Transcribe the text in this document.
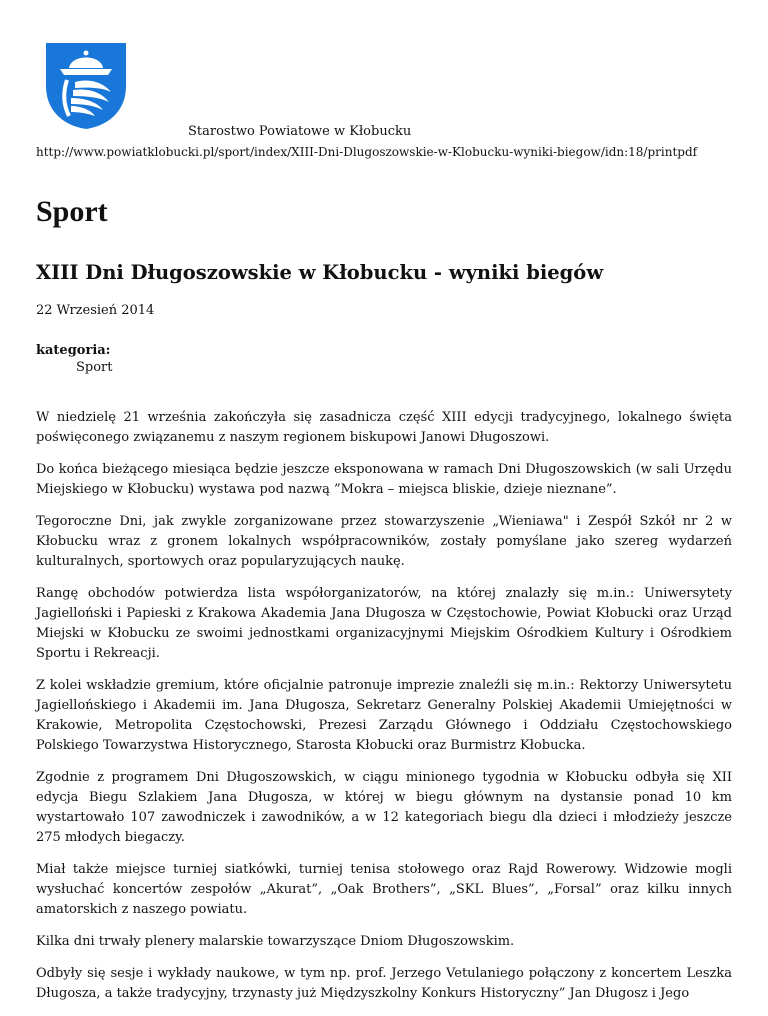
Starostwo Powiatowe w Kłobucku
http://www.powiatklobucki.pl/sport/index/XIII-Dni-Dlugoszowskie-w-Klobucku-wyniki-biegow/idn:18/printpdf
Sport
XIII Dni Długoszowskie w Kłobucku - wyniki biegów
22 Wrzesień 2014
kategoria:
Sport

W niedzielę 21 września zakończyła się zasadnicza część XIII edycji tradycyjnego, lokalnego święta poświęconego związanemu z naszym regionem biskupowi Janowi Długoszowi.

Do końca bieżącego miesiąca będzie jeszcze eksponowana w ramach Dni Długoszowskich (w sali Urzędu Miejskiego w Kłobucku) wystawa pod nazwą ”Mokra – miejsca bliskie, dzieje nieznane”.

Tegoroczne Dni, jak zwykle zorganizowane przez stowarzyszenie „Wieniawa" i Zespół Szkół nr 2 w Kłobucku wraz z gronem lokalnych współpracowników, zostały pomyślane jako szereg wydarzeń kulturalnych, sportowych oraz popularyzujących naukę.

Rangę obchodów potwierdza lista współorganizatorów, na której znalazły się m.in.: Uniwersytety Jagielloński i Papieski z Krakowa Akademia Jana Długosza w Częstochowie, Powiat Kłobucki oraz Urząd Miejski w Kłobucku ze swoimi jednostkami organizacyjnymi Miejskim Ośrodkiem Kultury i Ośrodkiem Sportu i Rekreacji.

Z kolei wskładzie gremium, które oficjalnie patronuje imprezie znaleźli się m.in.: Rektorzy Uniwersytetu Jagiellońskiego i Akademii im. Jana Długosza, Sekretarz Generalny Polskiej Akademii Umiejętności w Krakowie, Metropolita Częstochowski, Prezesi Zarządu Głównego i Oddziału Częstochowskiego Polskiego Towarzystwa Historycznego, Starosta Kłobucki oraz Burmistrz Kłobucka.

Zgodnie z programem Dni Długoszowskich, w ciągu minionego tygodnia w Kłobucku odbyła się XII edycja Biegu Szlakiem Jana Długosza, w której w biegu głównym na dystansie ponad 10 km wystartowało 107 zawodniczek i zawodników, a w 12 kategoriach biegu dla dzieci i młodzieży jeszcze 275 młodych biegaczy.

Miał także miejsce turniej siatkówki, turniej tenisa stołowego oraz Rajd Rowerowy. Widzowie mogli wysłuchać koncertów zespołów „Akurat”, „Oak Brothers”, „SKL Blues”, „Forsal” oraz kilku innych amatorskich z naszego powiatu.

Kilka dni trwały plenery malarskie towarzyszące Dniom Długoszowskim.

Odbyły się sesje i wykłady naukowe, w tym np. prof. Jerzego Vetulaniego połączony z koncertem Leszka Długosza, a także tradycyjny, trzynasty już Międzyszkolny Konkurs Historyczny” Jan Długosz i Jego
